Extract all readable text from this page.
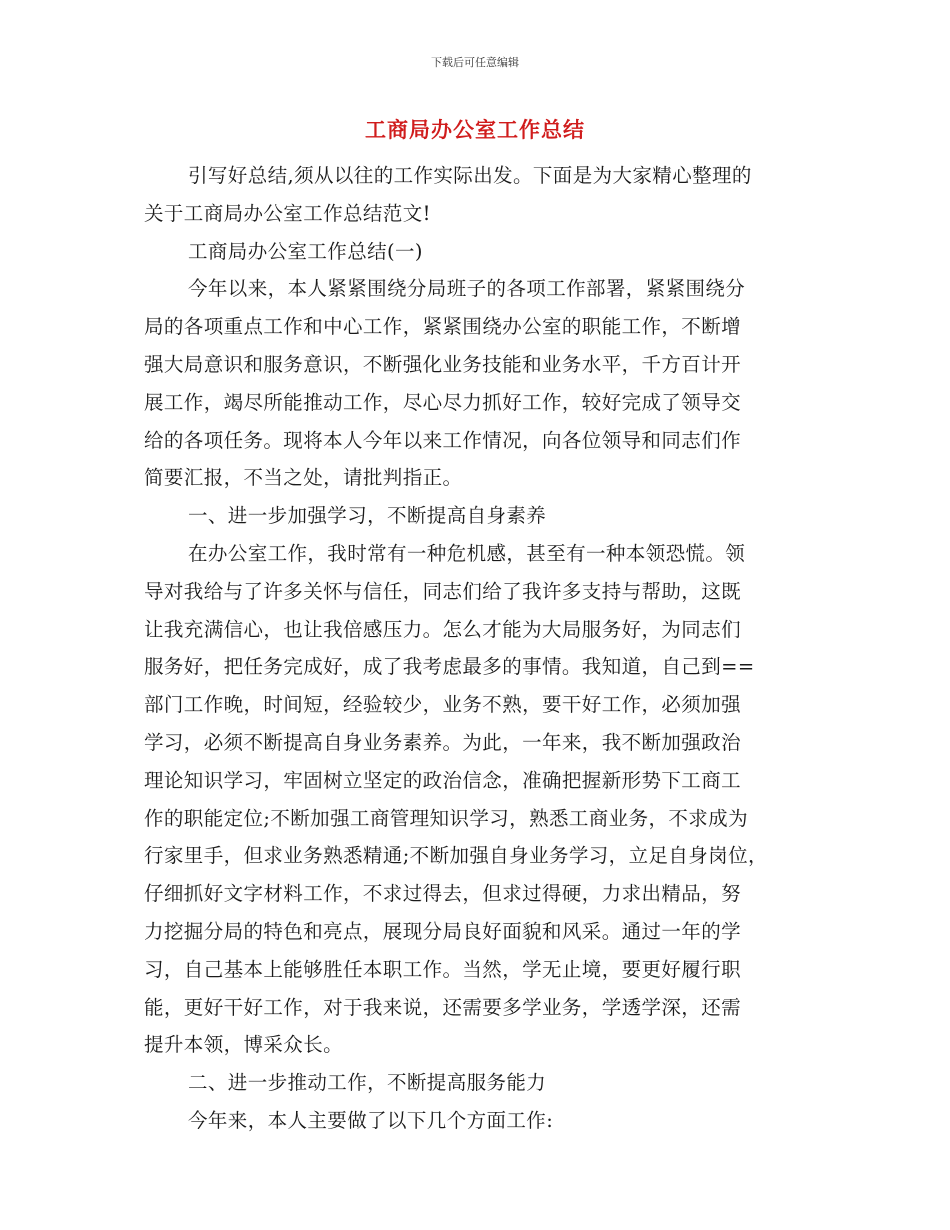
下载后可任意编辑
工商局办公室工作总结
引写好总结,须从以往的工作实际出发。下面是为大家精心整理的
关于工商局办公室工作总结范文!
工商局办公室工作总结(一)
今年以来，本人紧紧围绕分局班子的各项工作部署，紧紧围绕分
局的各项重点工作和中心工作，紧紧围绕办公室的职能工作，不断增
强大局意识和服务意识，不断强化业务技能和业务水平，千方百计开
展工作，竭尽所能推动工作，尽心尽力抓好工作，较好完成了领导交
给的各项任务。现将本人今年以来工作情况，向各位领导和同志们作
简要汇报，不当之处，请批判指正。
一、进一步加强学习，不断提高自身素养
在办公室工作，我时常有一种危机感，甚至有一种本领恐慌。领
导对我给与了许多关怀与信任，同志们给了我许多支持与帮助，这既
让我充满信心，也让我倍感压力。怎么才能为大局服务好，为同志们
服务好，把任务完成好，成了我考虑最多的事情。我知道，自己到==
部门工作晚，时间短，经验较少，业务不熟，要干好工作，必须加强
学习，必须不断提高自身业务素养。为此，一年来，我不断加强政治
理论知识学习，牢固树立坚定的政治信念，准确把握新形势下工商工
作的职能定位;不断加强工商管理知识学习，熟悉工商业务，不求成为
行家里手，但求业务熟悉精通;不断加强自身业务学习，立足自身岗位，
仔细抓好文字材料工作，不求过得去，但求过得硬，力求出精品，努
力挖掘分局的特色和亮点，展现分局良好面貌和风采。通过一年的学
习，自己基本上能够胜任本职工作。当然，学无止境，要更好履行职
能，更好干好工作，对于我来说，还需要多学业务，学透学深，还需
提升本领，博采众长。
二、进一步推动工作，不断提高服务能力
今年来，本人主要做了以下几个方面工作:
